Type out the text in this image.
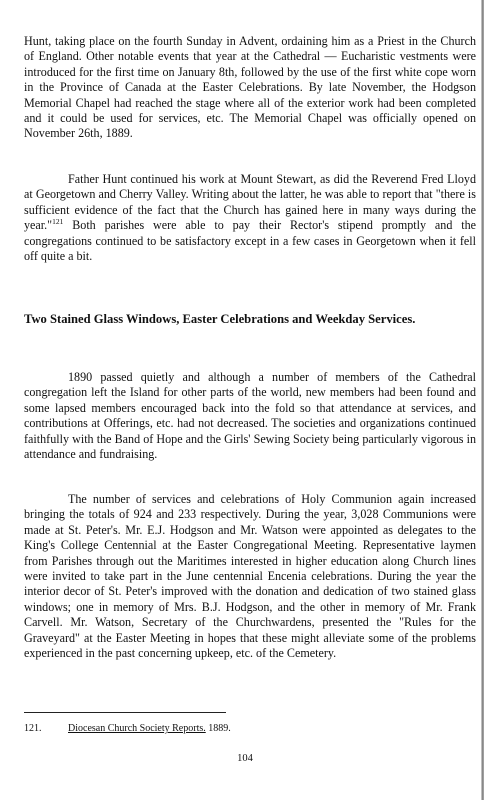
Hunt, taking place on the fourth Sunday in Advent, ordaining him as a Priest in the Church of England. Other notable events that year at the Cathedral — Eucharistic vestments were introduced for the first time on January 8th, followed by the use of the first white cope worn in the Province of Canada at the Easter Celebrations. By late November, the Hodgson Memorial Chapel had reached the stage where all of the exterior work had been completed and it could be used for services, etc. The Memorial Chapel was officially opened on November 26th, 1889.

Father Hunt continued his work at Mount Stewart, as did the Reverend Fred Lloyd at Georgetown and Cherry Valley. Writing about the latter, he was able to report that "there is sufficient evidence of the fact that the Church has gained here in many ways during the year."$^{121}$ Both parishes were able to pay their Rector's stipend promptly and the congregations continued to be satisfactory except in a few cases in Georgetown when it fell off quite a bit.

Two Stained Glass Windows, Easter Celebrations and Weekday Services.

1890 passed quietly and although a number of members of the Cathedral congregation left the Island for other parts of the world, new members had been found and some lapsed members encouraged back into the fold so that attendance at services, and contributions at Offerings, etc. had not decreased. The societies and organizations continued faithfully with the Band of Hope and the Girls' Sewing Society being particularly vigorous in attendance and fundraising.

The number of services and celebrations of Holy Communion again increased bringing the totals of 924 and 233 respectively. During the year, 3,028 Communions were made at St. Peter's. Mr. E.J. Hodgson and Mr. Watson were appointed as delegates to the King's College Centennial at the Easter Congregational Meeting. Representative laymen from Parishes through out the Maritimes interested in higher education along Church lines were invited to take part in the June centennial Encenia celebrations. During the year the interior decor of St. Peter's improved with the donation and dedication of two stained glass windows; one in memory of Mrs. B.J. Hodgson, and the other in memory of Mr. Frank Carvell. Mr. Watson, Secretary of the Churchwardens, presented the "Rules for the Graveyard" at the Easter Meeting in hopes that these might alleviate some of the problems experienced in the past concerning upkeep, etc. of the Cemetery.

121.	Diocesan Church Society Reports. 1889.

104
